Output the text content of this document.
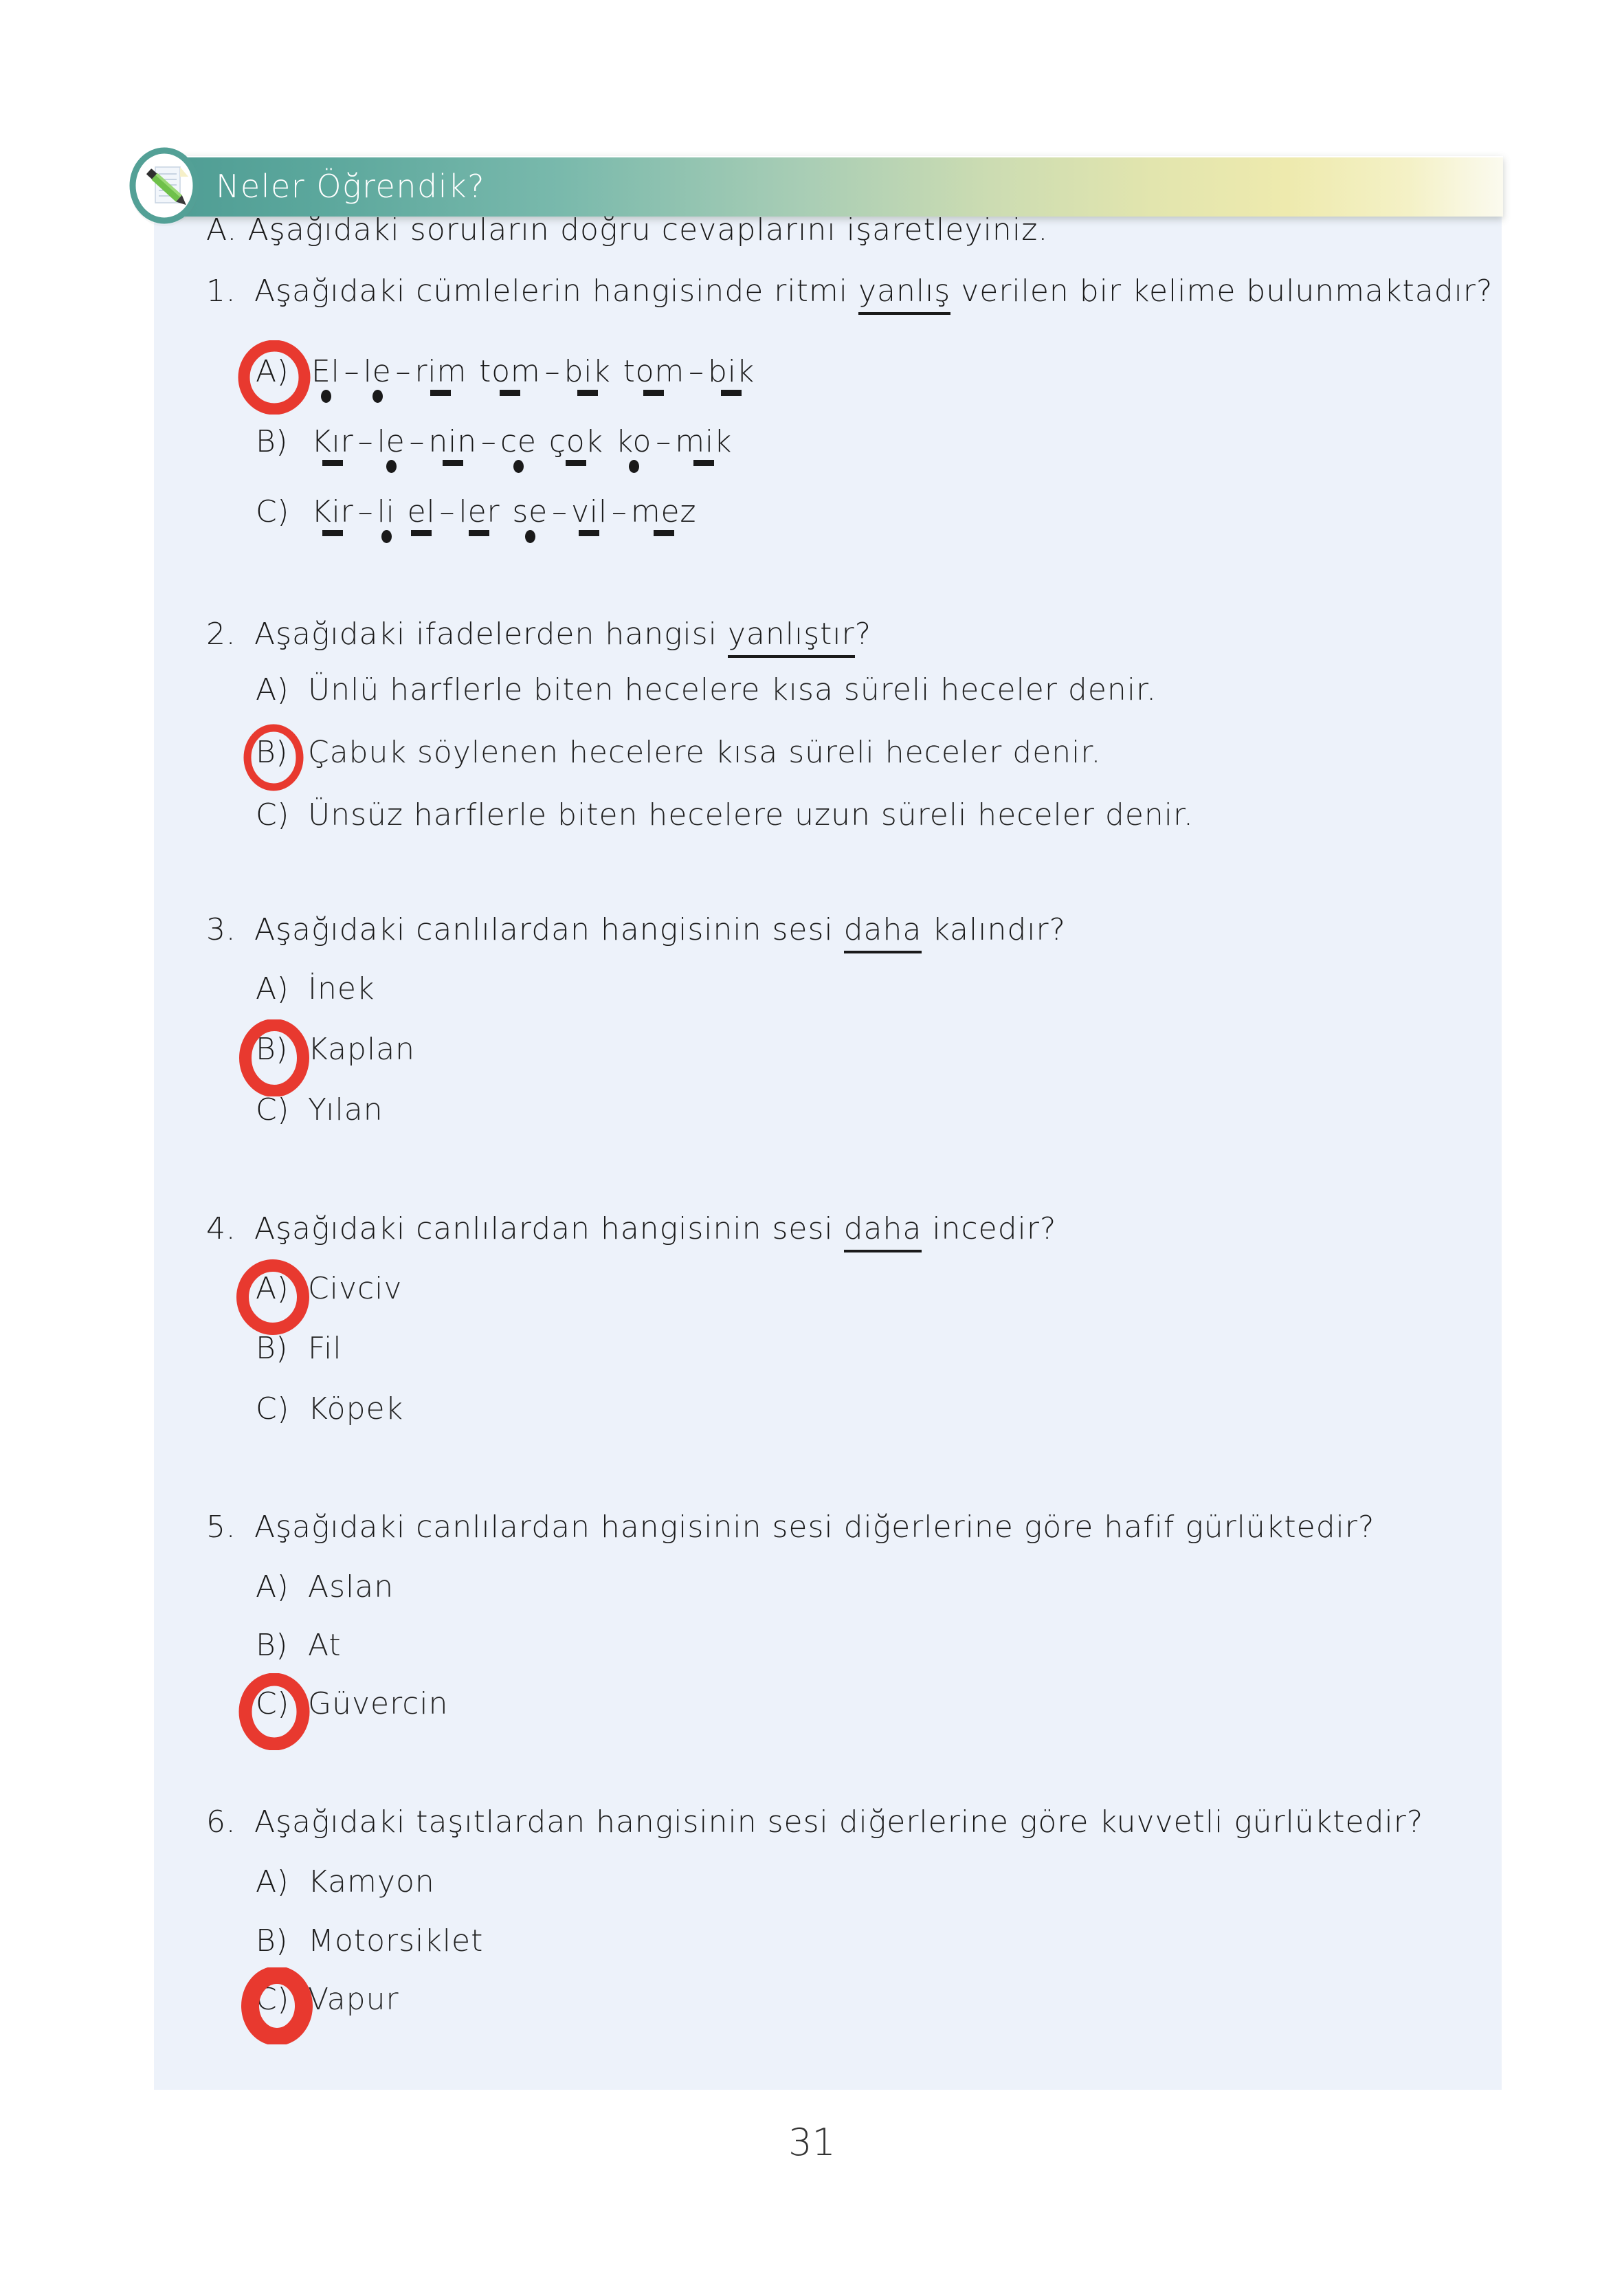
Neler Öğrendik?
A. Aşağıdaki soruların doğru cevaplarını işaretleyiniz.
1. Aşağıdaki cümlelerin hangisinde ritmi yanlış verilen bir kelime bulunmaktadır?
A) El – le – rim tom – bik tom – bik
B) Kır – le – nin – ce çok ko – mik
C) Kir – li el – ler se – vil – mez
2. Aşağıdaki ifadelerden hangisi yanlıştır?
A) Ünlü harflerle biten hecelere kısa süreli heceler denir.
B) Çabuk söylenen hecelere kısa süreli heceler denir.
C) Ünsüz harflerle biten hecelere uzun süreli heceler denir.
3. Aşağıdaki canlılardan hangisinin sesi daha kalındır?
A) İnek
B) Kaplan
C) Yılan
4. Aşağıdaki canlılardan hangisinin sesi daha incedir?
A) Civciv
B) Fil
C) Köpek
5. Aşağıdaki canlılardan hangisinin sesi diğerlerine göre hafif gürlüktedir?
A) Aslan
B) At
C) Güvercin
6. Aşağıdaki taşıtlardan hangisinin sesi diğerlerine göre kuvvetli gürlüktedir?
A) Kamyon
B) Motorsiklet
C) Vapur
31
